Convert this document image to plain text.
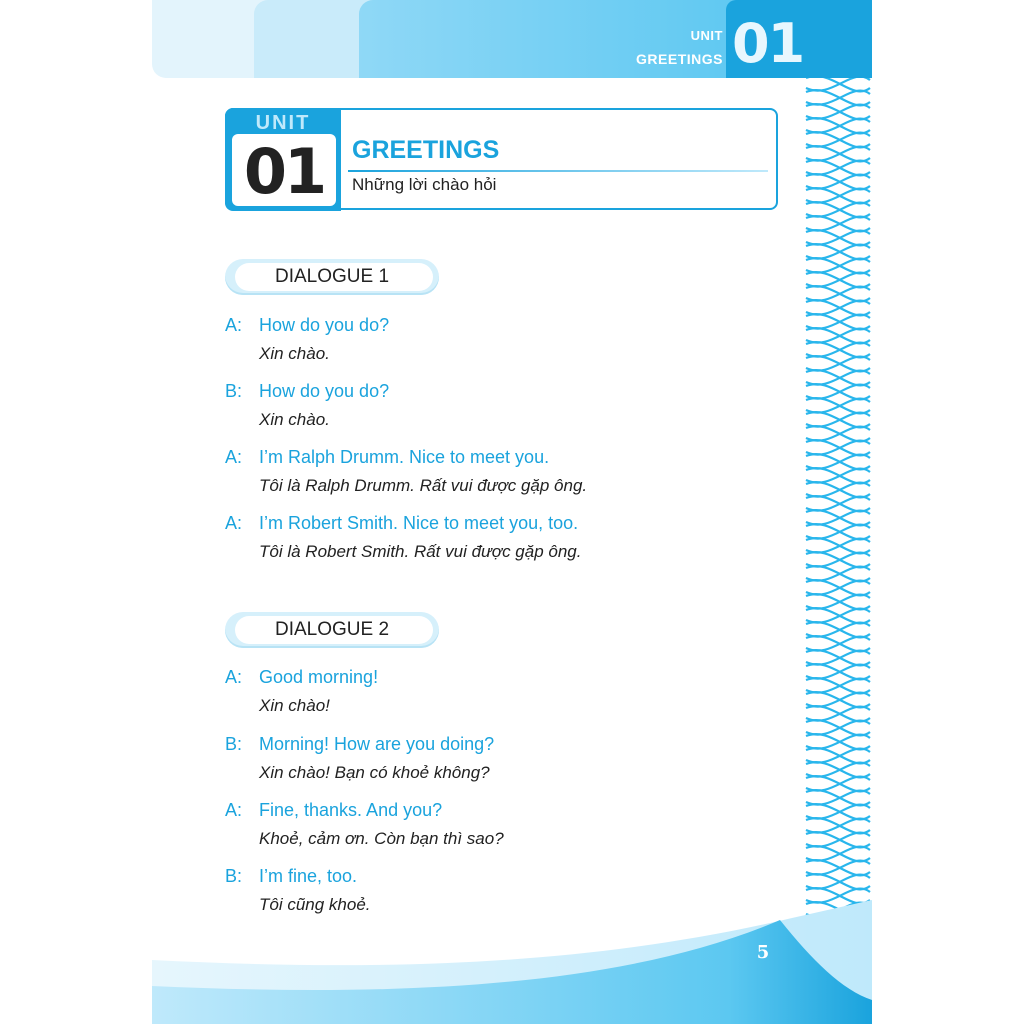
UNIT
GREETINGS 01
UNIT
01	GREETINGS
Những lời chào hỏi
DIALOGUE 1
A: How do you do?
Xin chào.
B: How do you do?
Xin chào.
A: I’m Ralph Drumm. Nice to meet you.
Tôi là Ralph Drumm. Rất vui được gặp ông.
A: I’m Robert Smith. Nice to meet you, too.
Tôi là Robert Smith. Rất vui được gặp ông.
DIALOGUE 2
A: Good morning!
Xin chào!
B: Morning! How are you doing?
Xin chào! Bạn có khoẻ không?
A: Fine, thanks. And you?
Khoẻ, cảm ơn. Còn bạn thì sao?
B: I’m fine, too.
Tôi cũng khoẻ.
5
